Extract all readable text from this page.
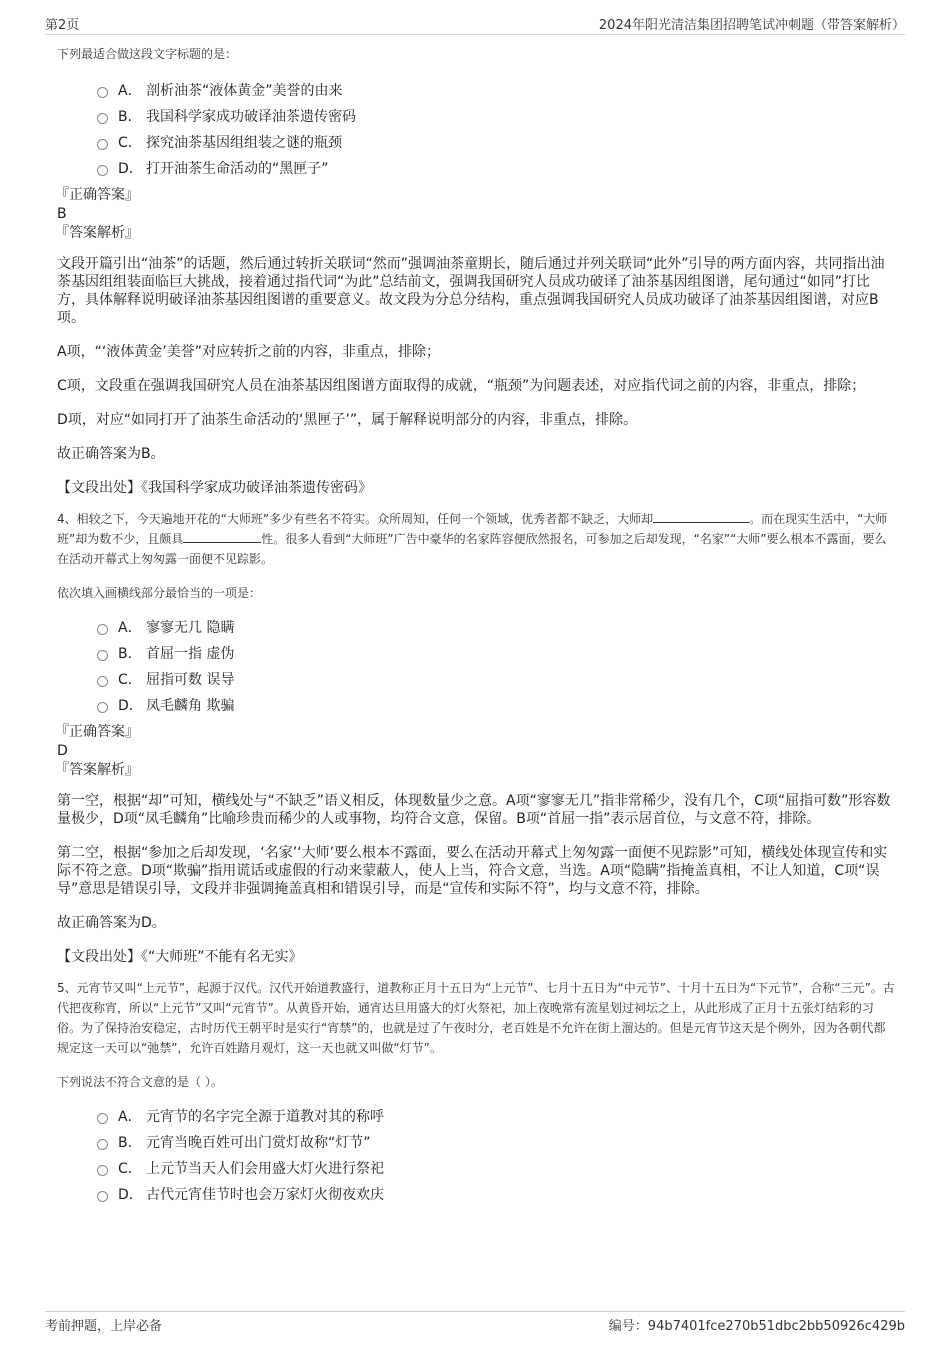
第2页	2024年阳光清洁集团招聘笔试冲刺题（带答案解析）

下列最适合做这段文字标题的是：

A． 剖析油茶“液体黄金”美誉的由来
B． 我国科学家成功破译油茶遗传密码
C． 探究油茶基因组组装之谜的瓶颈
D． 打开油茶生命活动的“黑匣子”

『正确答案』

B

『答案解析』

文段开篇引出“油茶”的话题，然后通过转折关联词“然而”强调油茶童期长，随后通过并列关联词“此外”引导的两方面内容，共同指出油茶基因组组装面临巨大挑战，接着通过指代词“为此”总结前文，强调我国研究人员成功破译了油茶基因组图谱，尾句通过“如同”打比方，具体解释说明破译油茶基因组图谱的重要意义。故文段为分总分结构，重点强调我国研究人员成功破译了油茶基因组图谱，对应B项。

A项，“‘液体黄金’美誉”对应转折之前的内容，非重点，排除；

C项，文段重在强调我国研究人员在油茶基因组图谱方面取得的成就，“瓶颈”为问题表述，对应指代词之前的内容，非重点，排除；

D项，对应“如同打开了油茶生命活动的‘黑匣子’”，属于解释说明部分的内容，非重点，排除。

故正确答案为B。

【文段出处】《我国科学家成功破译油茶遗传密码》

4、相较之下，今天遍地开花的“大师班”多少有些名不符实。众所周知，任何一个领域，优秀者都不缺乏，大师却	。而在现实生活中，“大师班”却为数不少，且颇具	性。很多人看到“大师班”广告中豪华的名家阵容便欣然报名，可参加之后却发现，“名家”“大师”要么根本不露面，要么在活动开幕式上匆匆露一面便不见踪影。

依次填入画横线部分最恰当的一项是：

A． 寥寥无几 隐瞒
B． 首屈一指 虚伪
C． 屈指可数 误导
D． 凤毛麟角 欺骗

『正确答案』

D

『答案解析』

第一空，根据“却”可知，横线处与“不缺乏”语义相反，体现数量少之意。A项“寥寥无几”指非常稀少，没有几个，C项“屈指可数”形容数量极少，D项“凤毛麟角”比喻珍贵而稀少的人或事物，均符合文意，保留。B项“首屈一指”表示居首位，与文意不符，排除。

第二空，根据“参加之后却发现，‘名家’‘大师’要么根本不露面，要么在活动开幕式上匆匆露一面便不见踪影”可知，横线处体现宣传和实际不符之意。D项“欺骗”指用谎话或虚假的行动来蒙蔽人，使人上当，符合文意，当选。A项“隐瞒”指掩盖真相，不让人知道，C项“误导”意思是错误引导，文段并非强调掩盖真相和错误引导，而是“宣传和实际不符”，均与文意不符，排除。

故正确答案为D。

【文段出处】《“大师班”不能有名无实》

5、元宵节又叫“上元节”，起源于汉代。汉代开始道教盛行，道教称正月十五日为“上元节”、七月十五日为“中元节”、十月十五日为“下元节”，合称“三元”。古代把夜称宵，所以“上元节”又叫“元宵节”。从黄昏开始，通宵达旦用盛大的灯火祭祀，加上夜晚常有流星划过祠坛之上，从此形成了正月十五张灯结彩的习俗。为了保持治安稳定，古时历代王朝平时是实行“宵禁”的，也就是过了午夜时分，老百姓是不允许在街上溜达的。但是元宵节这天是个例外，因为各朝代都规定这一天可以“弛禁”，允许百姓踏月观灯，这一天也就又叫做“灯节”。

下列说法不符合文意的是（ ）。

A． 元宵节的名字完全源于道教对其的称呼
B． 元宵当晚百姓可出门赏灯故称“灯节”
C． 上元节当天人们会用盛大灯火进行祭祀
D． 古代元宵佳节时也会万家灯火彻夜欢庆
考前押题，上岸必备	编号：94b7401fce270b51dbc2bb50926c429b
